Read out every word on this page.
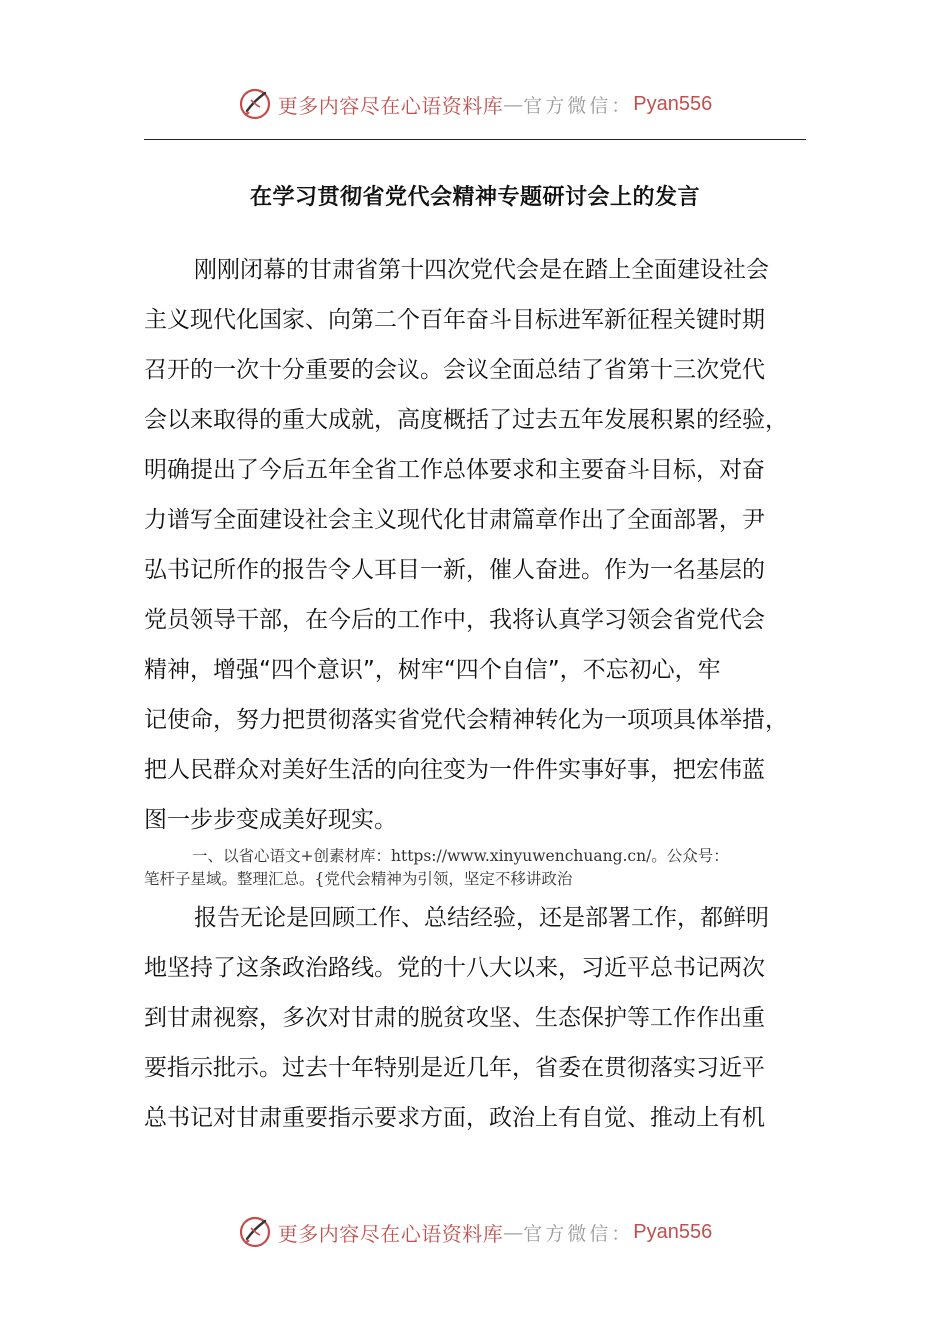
更多内容尽在心语资料库 — 官方微信： Pyan556
在学习贯彻省党代会精神专题研讨会上的发言
刚刚闭幕的甘肃省第十四次党代会是在踏上全面建设社会
主义现代化国家、向第二个百年奋斗目标进军新征程关键时期
召开的一次十分重要的会议。会议全面总结了省第十三次党代
会以来取得的重大成就，高度概括了过去五年发展积累的经验，
明确提出了今后五年全省工作总体要求和主要奋斗目标，对奋
力谱写全面建设社会主义现代化甘肃篇章作出了全面部署，尹
弘书记所作的报告令人耳目一新，催人奋进。作为一名基层的
党员领导干部，在今后的工作中，我将认真学习领会省党代会
精神，增强“四个意识”，树牢“四个自信”，不忘初心，牢
记使命，努力把贯彻落实省党代会精神转化为一项项具体举措，
把人民群众对美好生活的向往变为一件件实事好事，把宏伟蓝
图一步步变成美好现实。
一、以省心语文+创素材库：https://www.xinyuwenchuang.cn/。公众号：
笔杆子星域。整理汇总。{党代会精神为引领，坚定不移讲政治
报告无论是回顾工作、总结经验，还是部署工作，都鲜明
地坚持了这条政治路线。党的十八大以来，习近平总书记两次
到甘肃视察，多次对甘肃的脱贫攻坚、生态保护等工作作出重
要指示批示。过去十年特别是近几年，省委在贯彻落实习近平
总书记对甘肃重要指示要求方面，政治上有自觉、推动上有机
更多内容尽在心语资料库 — 官方微信： Pyan556
